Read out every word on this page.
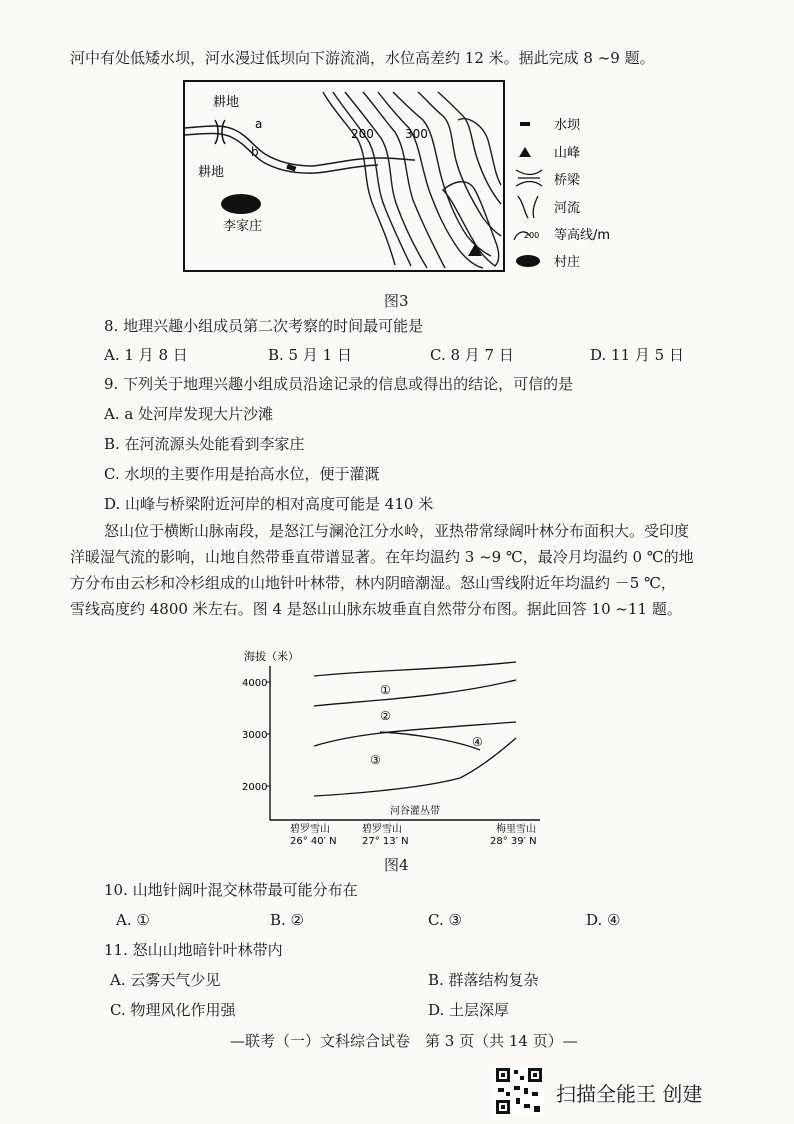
河中有处低矮水坝，河水漫过低坝向下游流淌，水位高差约 12 米。据此完成 8 ~9 题。
耕地
耕地
李家庄
a
b
200	300
水坝
山峰
桥梁
河流
200 等高线/m
村庄
图3
8. 地理兴趣小组成员第二次考察的时间最可能是
A. 1 月 8 日	B. 5 月 1 日	C. 8 月 7 日	D. 11 月 5 日
9. 下列关于地理兴趣小组成员沿途记录的信息或得出的结论，可信的是
A. a 处河岸发现大片沙滩
B. 在河流源头处能看到李家庄
C. 水坝的主要作用是抬高水位，便于灌溉
D. 山峰与桥梁附近河岸的相对高度可能是 410 米
怒山位于横断山脉南段，是怒江与澜沧江分水岭，亚热带常绿阔叶林分布面积大。受印度
洋暖湿气流的影响，山地自然带垂直带谱显著。在年均温约 3 ~9 ℃，最冷月均温约 0 ℃的地
方分布由云杉和冷杉组成的山地针叶林带，林内阴暗潮湿。怒山雪线附近年均温约 －5 ℃，
雪线高度约 4800 米左右。图 4 是怒山山脉东坡垂直自然带分布图。据此回答 10 ~11 题。
海拔（米）
4000
3000
2000
①
②
③
④
河谷灌丛带
碧罗雪山
26° 40′ N
碧罗雪山
27° 13′ N
梅里雪山
28° 39′ N
图4
10. 山地针阔叶混交林带最可能分布在
A. ①	B. ②	C. ③	D. ④
11. 怒山山地暗针叶林带内
A. 云雾天气少见	B. 群落结构复杂
C. 物理风化作用强	D. 土层深厚
—联考（一）文科综合试卷　第 3 页（共 14 页）—
扫描全能王 创建
